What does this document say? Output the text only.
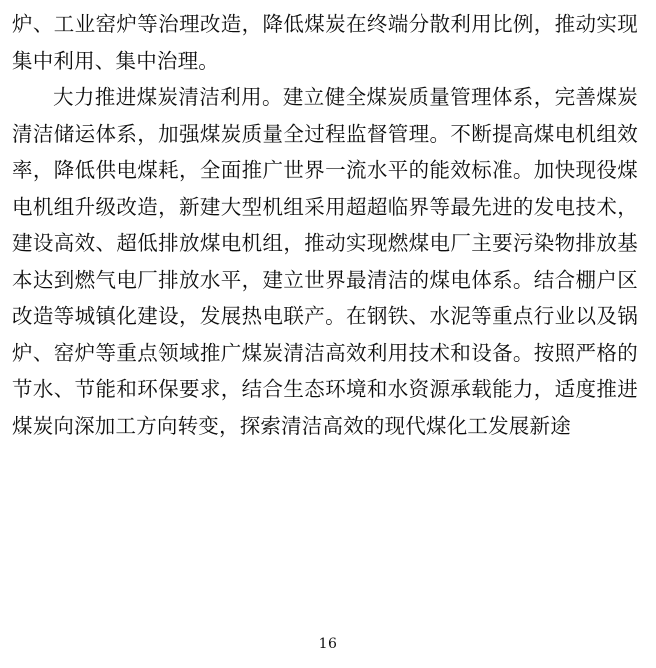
炉、工业窑炉等治理改造，降低煤炭在终端分散利用比例，推动实现集中利用、集中治理。

大力推进煤炭清洁利用。建立健全煤炭质量管理体系，完善煤炭清洁储运体系，加强煤炭质量全过程监督管理。不断提高煤电机组效率，降低供电煤耗，全面推广世界一流水平的能效标准。加快现役煤电机组升级改造，新建大型机组采用超超临界等最先进的发电技术，建设高效、超低排放煤电机组，推动实现燃煤电厂主要污染物排放基本达到燃气电厂排放水平，建立世界最清洁的煤电体系。结合棚户区改造等城镇化建设，发展热电联产。在钢铁、水泥等重点行业以及锅炉、窑炉等重点领域推广煤炭清洁高效利用技术和设备。按照严格的节水、节能和环保要求，结合生态环境和水资源承载能力，适度推进煤炭向深加工方向转变，探索清洁高效的现代煤化工发展新途

16
